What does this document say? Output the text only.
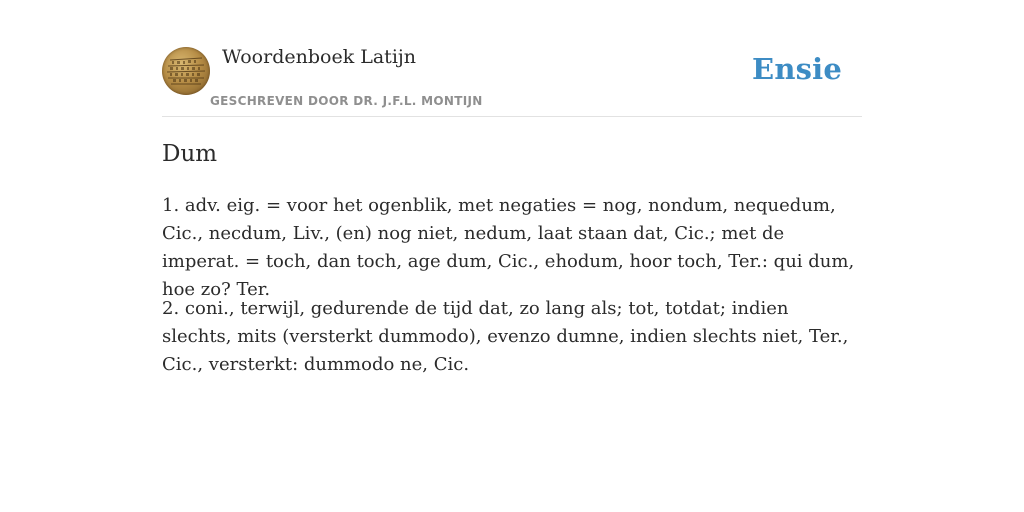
Woordenboek Latijn
GESCHREVEN DOOR DR. J.F.L. MONTIJN
Ensie
Dum

1. adv. eig. = voor het ogenblik, met negaties = nog, nondum, nequedum, Cic., necdum, Liv., (en) nog niet, nedum, laat staan dat, Cic.; met de imperat. = toch, dan toch, age dum, Cic., ehodum, hoor toch, Ter.: qui dum, hoe zo? Ter.

2. coni., terwijl, gedurende de tijd dat, zo lang als; tot, totdat; indien slechts, mits (versterkt dummodo), evenzo dumne, indien slechts niet, Ter., Cic., versterkt: dummodo ne, Cic.
